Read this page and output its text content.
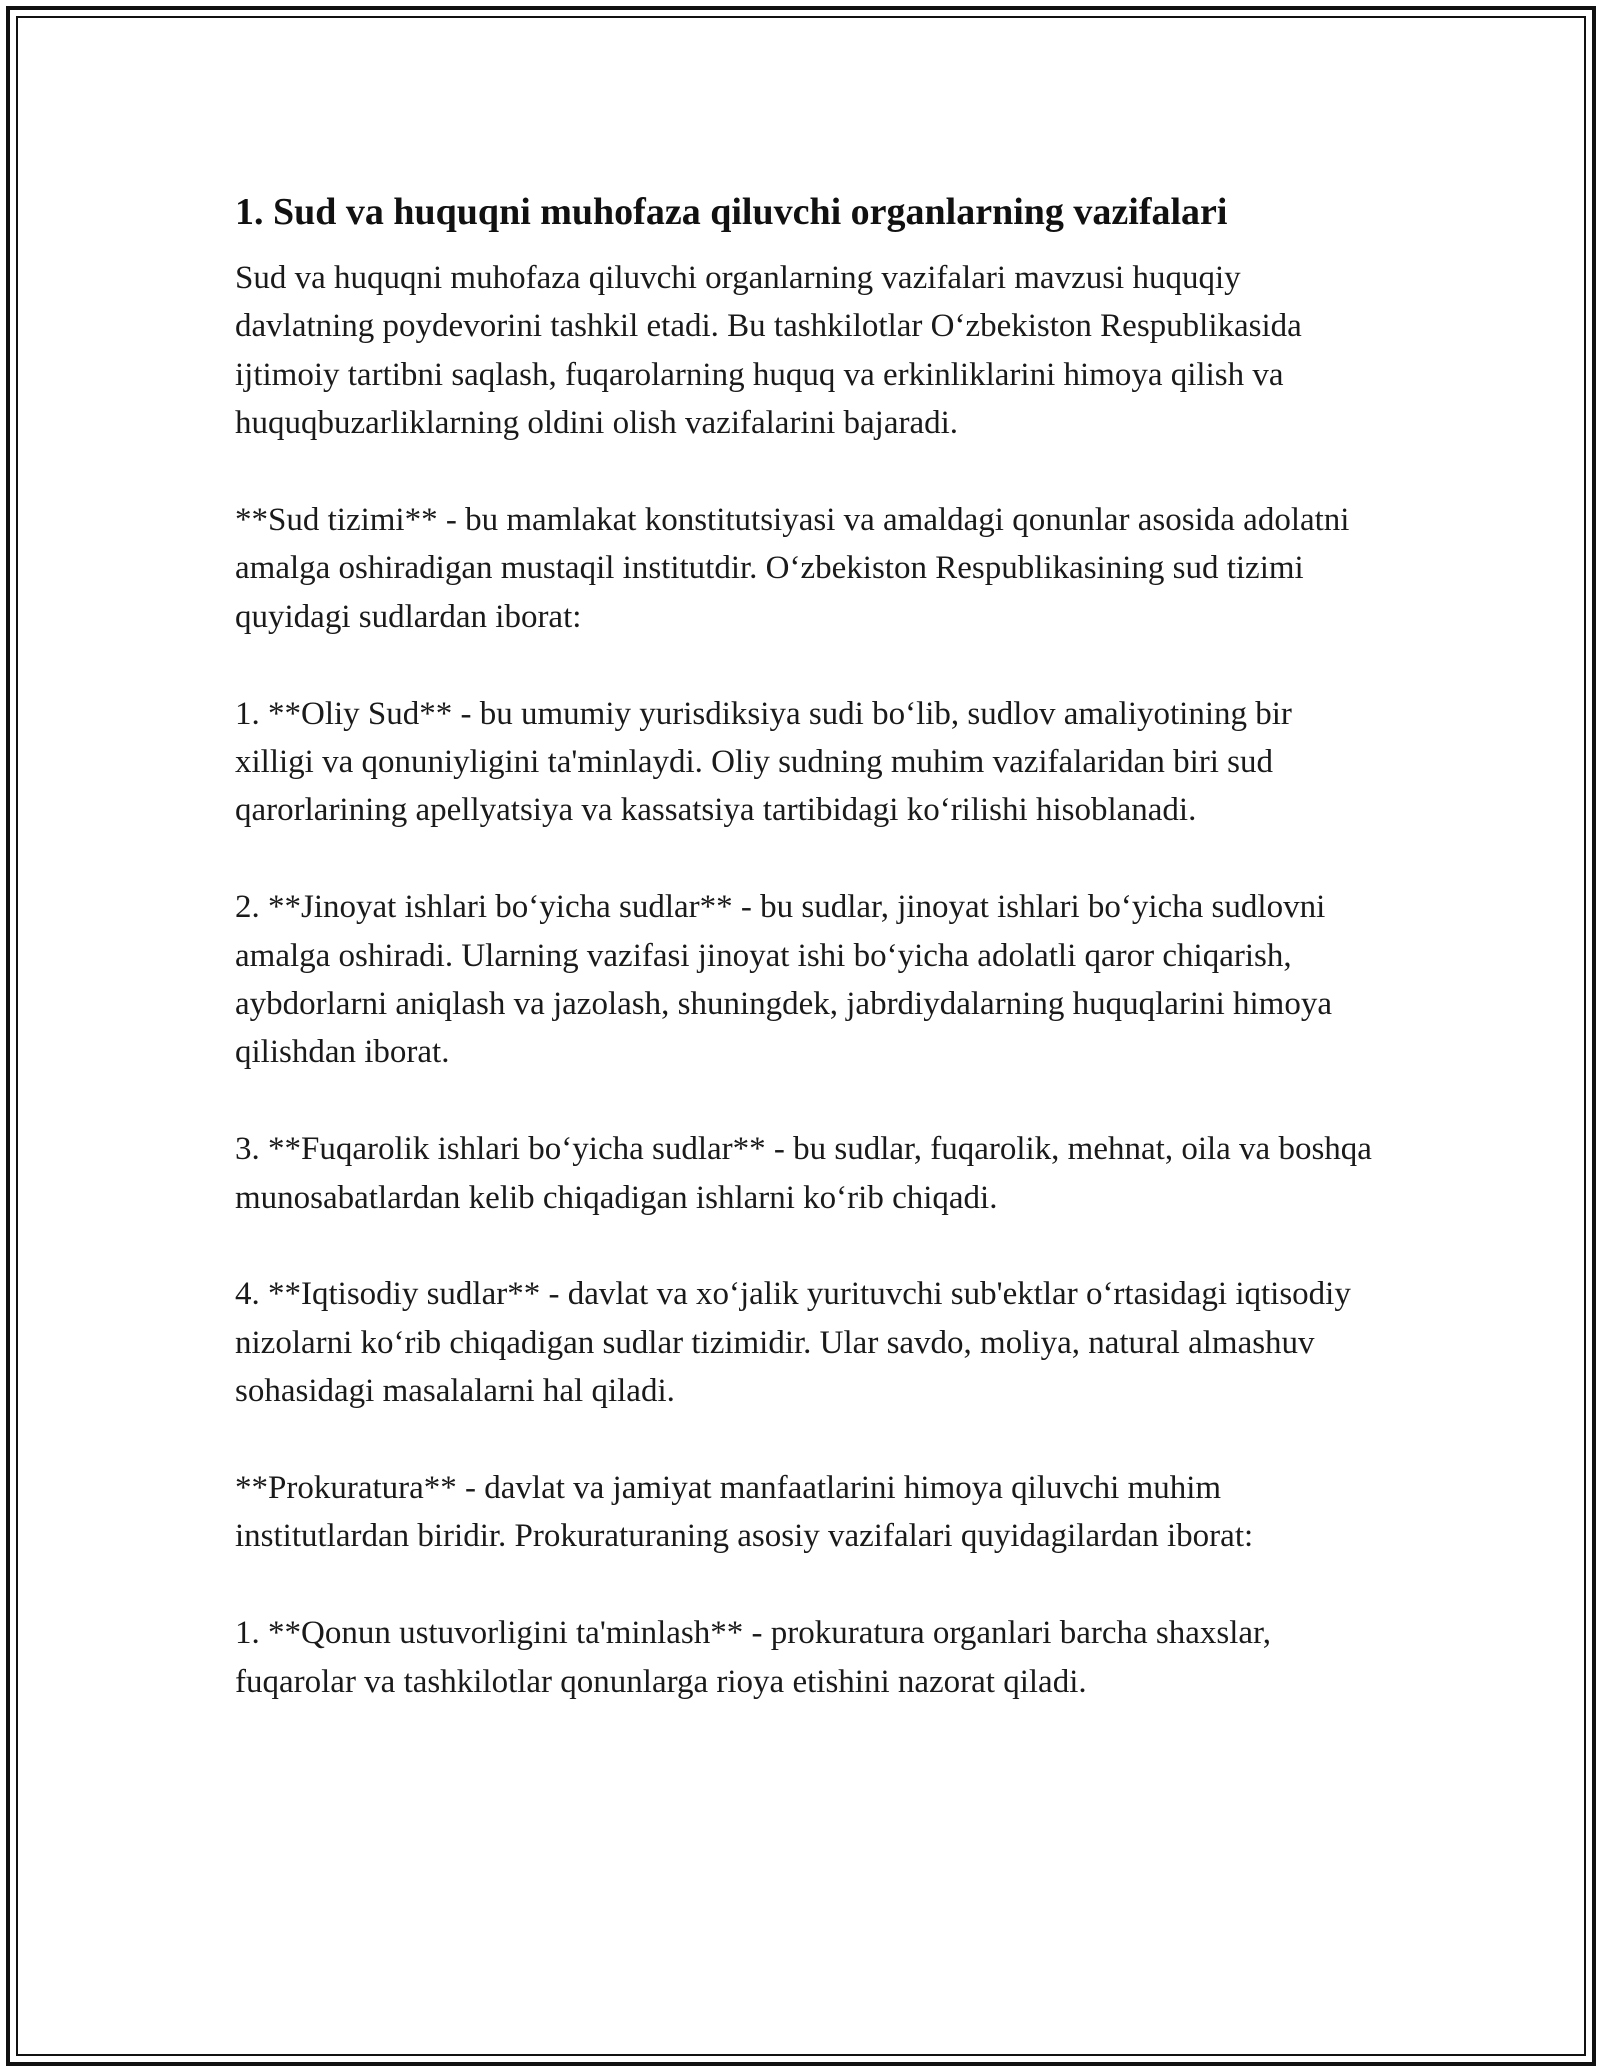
1. Sud va huquqni muhofaza qiluvchi organlarning vazifalari

Sud va huquqni muhofaza qiluvchi organlarning vazifalari mavzusi huquqiy davlatning poydevorini tashkil etadi. Bu tashkilotlar O‘zbekiston Respublikasida ijtimoiy tartibni saqlash, fuqarolarning huquq va erkinliklarini himoya qilish va huquqbuzarliklarning oldini olish vazifalarini bajaradi.

**Sud tizimi** - bu mamlakat konstitutsiyasi va amaldagi qonunlar asosida adolatni amalga oshiradigan mustaqil institutdir. O‘zbekiston Respublikasining sud tizimi quyidagi sudlardan iborat:

1. **Oliy Sud** - bu umumiy yurisdiksiya sudi bo‘lib, sudlov amaliyotining bir xilligi va qonuniyligini ta'minlaydi. Oliy sudning muhim vazifalaridan biri sud qarorlarining apellyatsiya va kassatsiya tartibidagi ko‘rilishi hisoblanadi.

2. **Jinoyat ishlari bo‘yicha sudlar** - bu sudlar, jinoyat ishlari bo‘yicha sudlovni amalga oshiradi. Ularning vazifasi jinoyat ishi bo‘yicha adolatli qaror chiqarish, aybdorlarni aniqlash va jazolash, shuningdek, jabrdiydalarning huquqlarini himoya qilishdan iborat.

3. **Fuqarolik ishlari bo‘yicha sudlar** - bu sudlar, fuqarolik, mehnat, oila va boshqa munosabatlardan kelib chiqadigan ishlarni ko‘rib chiqadi.

4. **Iqtisodiy sudlar** - davlat va xo‘jalik yurituvchi sub'ektlar o‘rtasidagi iqtisodiy nizolarni ko‘rib chiqadigan sudlar tizimidir. Ular savdo, moliya, natural almashuv sohasidagi masalalarni hal qiladi.

**Prokuratura** - davlat va jamiyat manfaatlarini himoya qiluvchi muhim institutlardan biridir. Prokuraturaning asosiy vazifalari quyidagilardan iborat:

1. **Qonun ustuvorligini ta'minlash** - prokuratura organlari barcha shaxslar, fuqarolar va tashkilotlar qonunlarga rioya etishini nazorat qiladi.
